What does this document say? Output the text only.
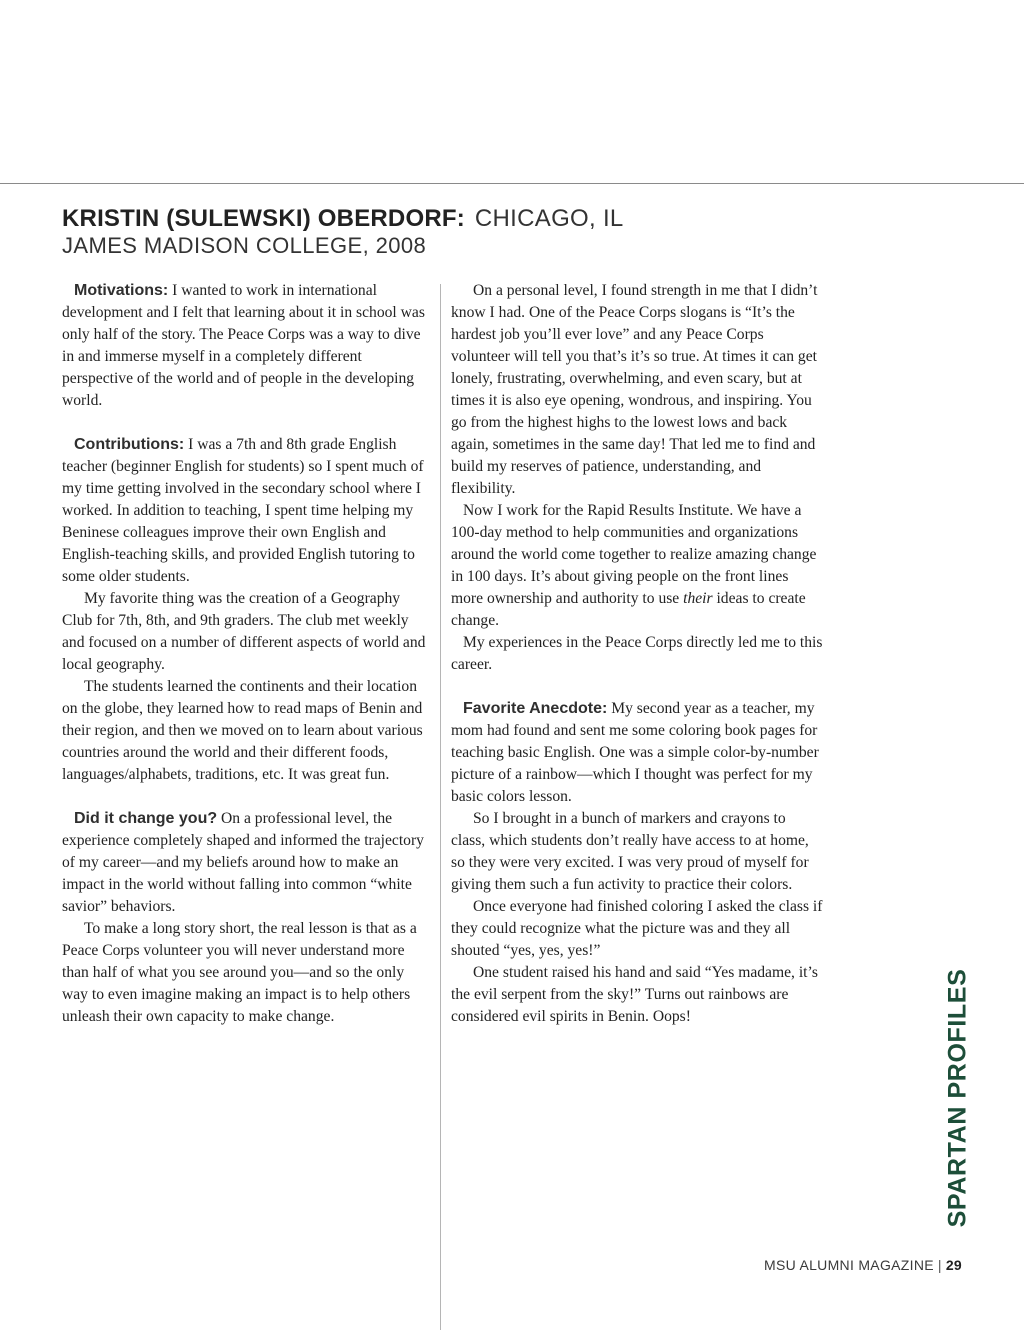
KRISTIN (SULEWSKI) OBERDORF: CHICAGO, IL
JAMES MADISON COLLEGE, 2008

Motivations: I wanted to work in international development and I felt that learning about it in school was only half of the story. The Peace Corps was a way to dive in and immerse myself in a completely different perspective of the world and of people in the developing world.

Contributions: I was a 7th and 8th grade English teacher (beginner English for students) so I spent much of my time getting involved in the secondary school where I worked. In addition to teaching, I spent time helping my Beninese colleagues improve their own English and English-teaching skills, and provided English tutoring to some older students.

My favorite thing was the creation of a Geography Club for 7th, 8th, and 9th graders. The club met weekly and focused on a number of different aspects of world and local geography.

The students learned the continents and their location on the globe, they learned how to read maps of Benin and their region, and then we moved on to learn about various countries around the world and their different foods, languages/alphabets, traditions, etc. It was great fun.

Did it change you? On a professional level, the experience completely shaped and informed the trajectory of my career—and my beliefs around how to make an impact in the world without falling into common “white savior” behaviors.

To make a long story short, the real lesson is that as a Peace Corps volunteer you will never understand more than half of what you see around you—and so the only way to even imagine making an impact is to help others unleash their own capacity to make change.

On a personal level, I found strength in me that I didn’t know I had. One of the Peace Corps slogans is “It’s the hardest job you’ll ever love” and any Peace Corps volunteer will tell you that’s it’s so true. At times it can get lonely, frustrating, overwhelming, and even scary, but at times it is also eye opening, wondrous, and inspiring. You go from the highest highs to the lowest lows and back again, sometimes in the same day! That led me to find and build my reserves of patience, understanding, and flexibility.

Now I work for the Rapid Results Institute. We have a 100-day method to help communities and organizations around the world come together to realize amazing change in 100 days. It’s about giving people on the front lines more ownership and authority to use their ideas to create change.

My experiences in the Peace Corps directly led me to this career.

Favorite Anecdote: My second year as a teacher, my mom had found and sent me some coloring book pages for teaching basic English. One was a simple color-by-number picture of a rainbow—which I thought was perfect for my basic colors lesson.

So I brought in a bunch of markers and crayons to class, which students don’t really have access to at home, so they were very excited. I was very proud of myself for giving them such a fun activity to practice their colors.

Once everyone had finished coloring I asked the class if they could recognize what the picture was and they all shouted “yes, yes, yes!”

One student raised his hand and said “Yes madame, it’s the evil serpent from the sky!” Turns out rainbows are considered evil spirits in Benin. Oops!	SPARTAN PROFILES
MSU ALUMNI MAGAZINE | 29
